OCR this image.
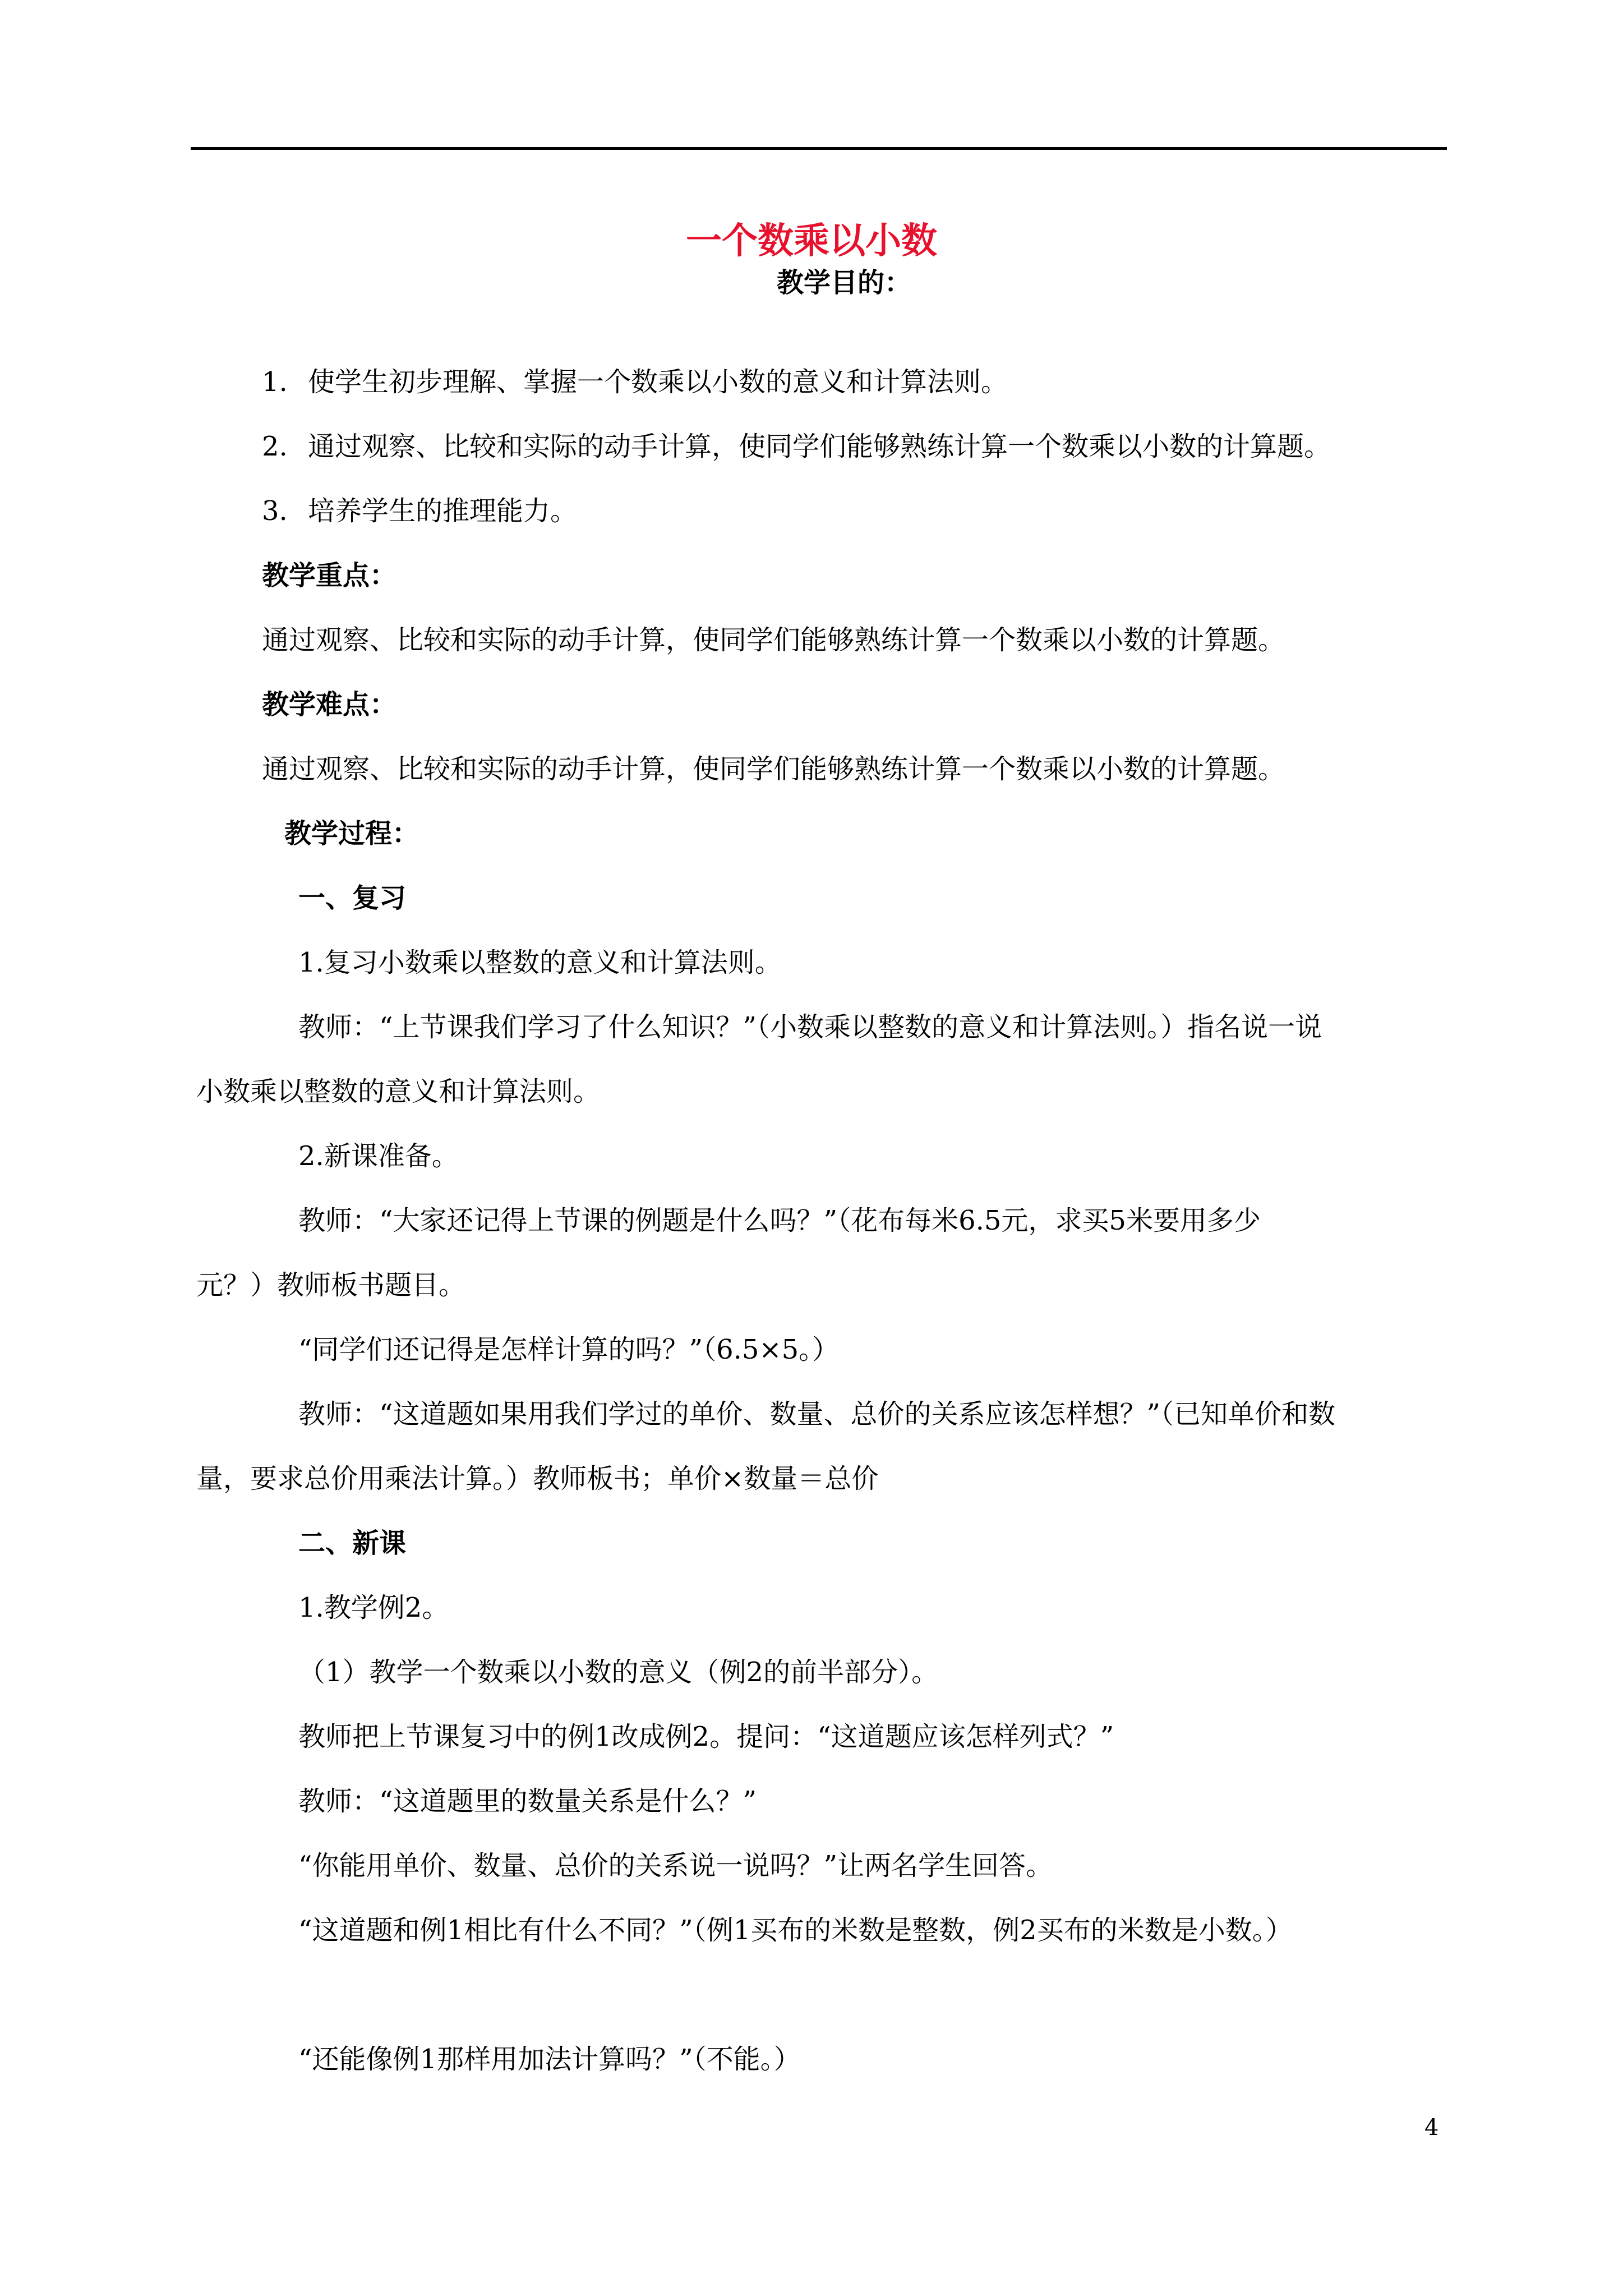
一个数乘以小数
教学目的：
1. 使学生初步理解、掌握一个数乘以小数的意义和计算法则。
2. 通过观察、比较和实际的动手计算，使同学们能够熟练计算一个数乘以小数的计算题。
3. 培养学生的推理能力。
教学重点：
通过观察、比较和实际的动手计算，使同学们能够熟练计算一个数乘以小数的计算题。
教学难点：
通过观察、比较和实际的动手计算，使同学们能够熟练计算一个数乘以小数的计算题。
教学过程：
一、复习
1.复习小数乘以整数的意义和计算法则。
教师：“上节课我们学习了什么知识？”（小数乘以整数的意义和计算法则。）指名说一说
小数乘以整数的意义和计算法则。
2.新课准备。
教师：“大家还记得上节课的例题是什么吗？”（花布每米6.5元，求买5米要用多少
元？）教师板书题目。
“同学们还记得是怎样计算的吗？”（6.5×5。）
教师：“这道题如果用我们学过的单价、数量、总价的关系应该怎样想？”（已知单价和数
量，要求总价用乘法计算。）教师板书；单价×数量＝总价
二、新课
1.教学例2。
（1）教学一个数乘以小数的意义（例2的前半部分）。
教师把上节课复习中的例1改成例2。提问：“这道题应该怎样列式？”
教师：“这道题里的数量关系是什么？”
“你能用单价、数量、总价的关系说一说吗？”让两名学生回答。
“这道题和例1相比有什么不同？”（例1买布的米数是整数，例2买布的米数是小数。）
“还能像例1那样用加法计算吗？”（不能。）
4
